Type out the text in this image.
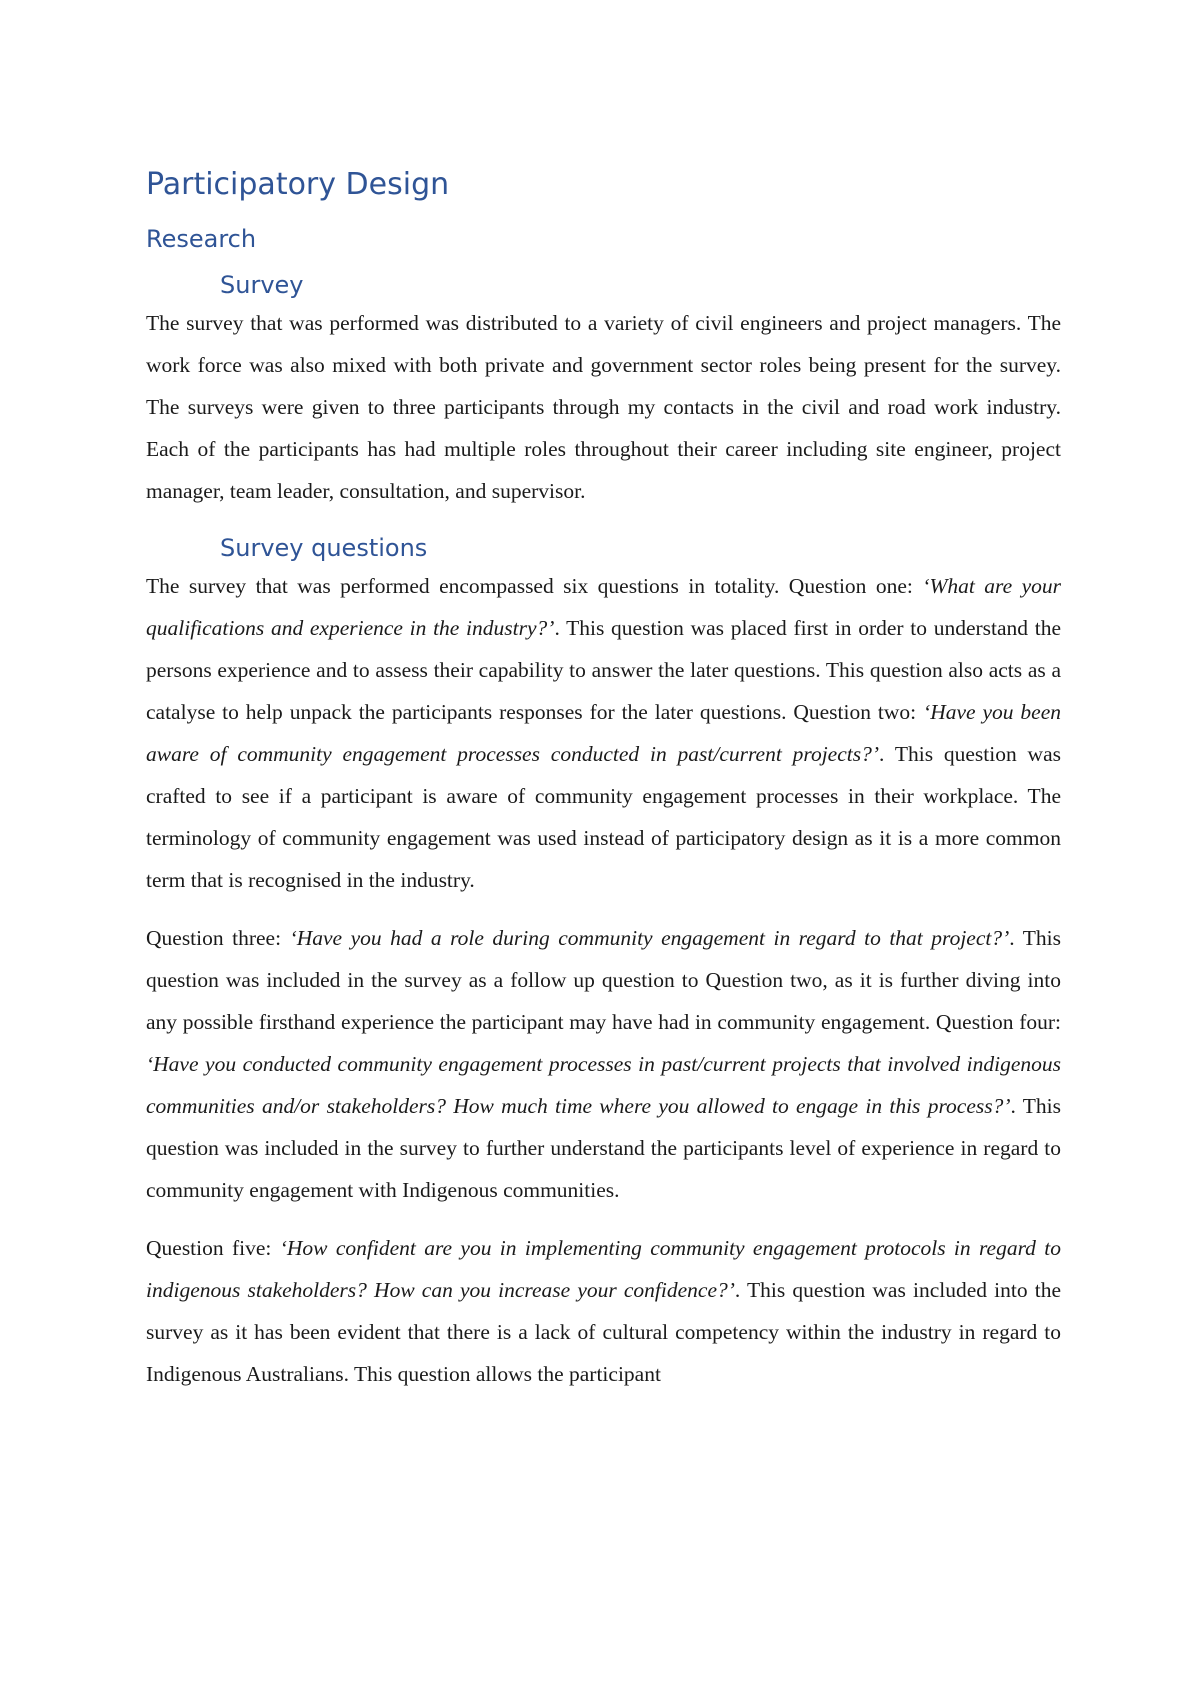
Participatory Design
Research
Survey

The survey that was performed was distributed to a variety of civil engineers and project managers. The work force was also mixed with both private and government sector roles being present for the survey. The surveys were given to three participants through my contacts in the civil and road work industry. Each of the participants has had multiple roles throughout their career including site engineer, project manager, team leader, consultation, and supervisor.

Survey questions

The survey that was performed encompassed six questions in totality. Question one: ‘What are your qualifications and experience in the industry?’. This question was placed first in order to understand the persons experience and to assess their capability to answer the later questions. This question also acts as a catalyse to help unpack the participants responses for the later questions. Question two: ‘Have you been aware of community engagement processes conducted in past/current projects?’. This question was crafted to see if a participant is aware of community engagement processes in their workplace. The terminology of community engagement was used instead of participatory design as it is a more common term that is recognised in the industry.

Question three: ‘Have you had a role during community engagement in regard to that project?’. This question was included in the survey as a follow up question to Question two, as it is further diving into any possible firsthand experience the participant may have had in community engagement. Question four: ‘Have you conducted community engagement processes in past/current projects that involved indigenous communities and/or stakeholders? How much time where you allowed to engage in this process?’. This question was included in the survey to further understand the participants level of experience in regard to community engagement with Indigenous communities.

Question five: ‘How confident are you in implementing community engagement protocols in regard to indigenous stakeholders? How can you increase your confidence?’. This question was included into the survey as it has been evident that there is a lack of cultural competency within the industry in regard to Indigenous Australians. This question allows the participant
